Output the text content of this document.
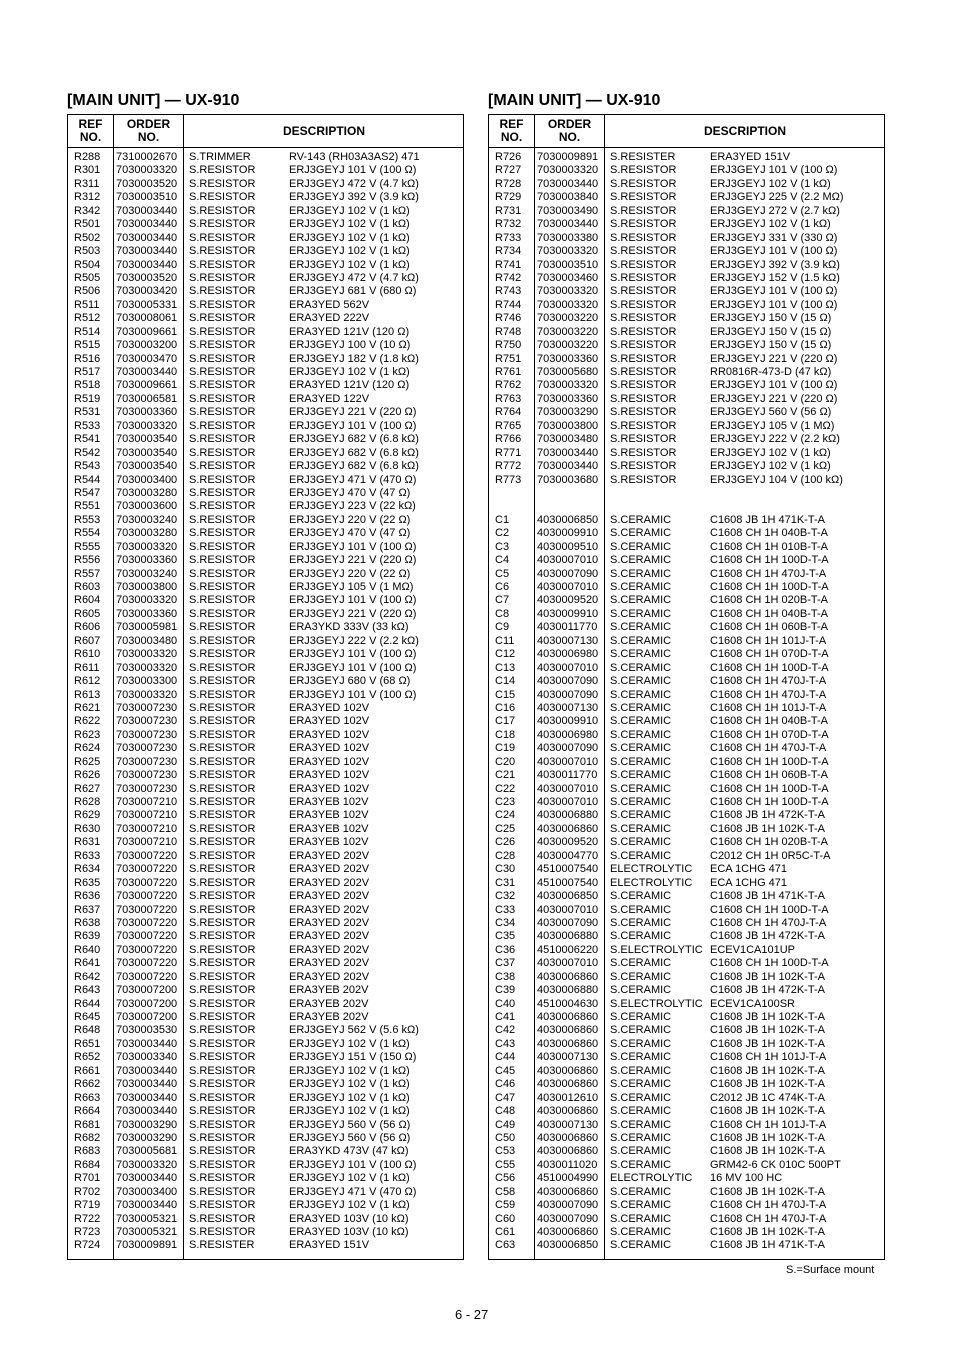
[MAIN UNIT] — UX-910
REF
NO.
ORDER
NO.	DESCRIPTION
R288 7310002670 S.TRIMMER	RV-143 (RH03A3AS2) 471
R301 7030003320 S.RESISTOR	ERJ3GEYJ 101 V (100 Ω)
R311 7030003520 S.RESISTOR	ERJ3GEYJ 472 V (4.7 kΩ)
R312 7030003510 S.RESISTOR	ERJ3GEYJ 392 V (3.9 kΩ)
R342 7030003440 S.RESISTOR	ERJ3GEYJ 102 V (1 kΩ)
R501 7030003440 S.RESISTOR	ERJ3GEYJ 102 V (1 kΩ)
R502 7030003440 S.RESISTOR	ERJ3GEYJ 102 V (1 kΩ)
R503 7030003440 S.RESISTOR	ERJ3GEYJ 102 V (1 kΩ)
R504 7030003440 S.RESISTOR	ERJ3GEYJ 102 V (1 kΩ)
R505 7030003520 S.RESISTOR	ERJ3GEYJ 472 V (4.7 kΩ)
R506 7030003420 S.RESISTOR	ERJ3GEYJ 681 V (680 Ω)
R511 7030005331 S.RESISTOR	ERA3YED 562V
R512 7030008061 S.RESISTOR	ERA3YED 222V
R514 7030009661 S.RESISTOR	ERA3YED 121V (120 Ω)
R515 7030003200 S.RESISTOR	ERJ3GEYJ 100 V (10 Ω)
R516 7030003470 S.RESISTOR	ERJ3GEYJ 182 V (1.8 kΩ)
R517 7030003440 S.RESISTOR	ERJ3GEYJ 102 V (1 kΩ)
R518 7030009661 S.RESISTOR	ERA3YED 121V (120 Ω)
R519 7030006581 S.RESISTOR	ERA3YED 122V
R531 7030003360 S.RESISTOR	ERJ3GEYJ 221 V (220 Ω)
R533 7030003320 S.RESISTOR	ERJ3GEYJ 101 V (100 Ω)
R541 7030003540 S.RESISTOR	ERJ3GEYJ 682 V (6.8 kΩ)
R542 7030003540 S.RESISTOR	ERJ3GEYJ 682 V (6.8 kΩ)
R543 7030003540 S.RESISTOR	ERJ3GEYJ 682 V (6.8 kΩ)
R544 7030003400 S.RESISTOR	ERJ3GEYJ 471 V (470 Ω)
R547 7030003280 S.RESISTOR	ERJ3GEYJ 470 V (47 Ω)
R551 7030003600 S.RESISTOR	ERJ3GEYJ 223 V (22 kΩ)
R553 7030003240 S.RESISTOR	ERJ3GEYJ 220 V (22 Ω)
R554 7030003280 S.RESISTOR	ERJ3GEYJ 470 V (47 Ω)
R555 7030003320 S.RESISTOR	ERJ3GEYJ 101 V (100 Ω)
R556 7030003360 S.RESISTOR	ERJ3GEYJ 221 V (220 Ω)
R557 7030003240 S.RESISTOR	ERJ3GEYJ 220 V (22 Ω)
R603 7030003800 S.RESISTOR	ERJ3GEYJ 105 V (1 MΩ)
R604 7030003320 S.RESISTOR	ERJ3GEYJ 101 V (100 Ω)
R605 7030003360 S.RESISTOR	ERJ3GEYJ 221 V (220 Ω)
R606 7030005981 S.RESISTOR	ERA3YKD 333V (33 kΩ)
R607 7030003480 S.RESISTOR	ERJ3GEYJ 222 V (2.2 kΩ)
R610 7030003320 S.RESISTOR	ERJ3GEYJ 101 V (100 Ω)
R611 7030003320 S.RESISTOR	ERJ3GEYJ 101 V (100 Ω)
R612 7030003300 S.RESISTOR	ERJ3GEYJ 680 V (68 Ω)
R613 7030003320 S.RESISTOR	ERJ3GEYJ 101 V (100 Ω)
R621 7030007230 S.RESISTOR	ERA3YED 102V
R622 7030007230 S.RESISTOR	ERA3YED 102V
R623 7030007230 S.RESISTOR	ERA3YED 102V
R624 7030007230 S.RESISTOR	ERA3YED 102V
R625 7030007230 S.RESISTOR	ERA3YED 102V
R626 7030007230 S.RESISTOR	ERA3YED 102V
R627 7030007230 S.RESISTOR	ERA3YED 102V
R628 7030007210 S.RESISTOR	ERA3YEB 102V
R629 7030007210 S.RESISTOR	ERA3YEB 102V
R630 7030007210 S.RESISTOR	ERA3YEB 102V
R631 7030007210 S.RESISTOR	ERA3YEB 102V
R633 7030007220 S.RESISTOR	ERA3YED 202V
R634 7030007220 S.RESISTOR	ERA3YED 202V
R635 7030007220 S.RESISTOR	ERA3YED 202V
R636 7030007220 S.RESISTOR	ERA3YED 202V
R637 7030007220 S.RESISTOR	ERA3YED 202V
R638 7030007220 S.RESISTOR	ERA3YED 202V
R639 7030007220 S.RESISTOR	ERA3YED 202V
R640 7030007220 S.RESISTOR	ERA3YED 202V
R641 7030007220 S.RESISTOR	ERA3YED 202V
R642 7030007220 S.RESISTOR	ERA3YED 202V
R643 7030007200 S.RESISTOR	ERA3YEB 202V
R644 7030007200 S.RESISTOR	ERA3YEB 202V
R645 7030007200 S.RESISTOR	ERA3YEB 202V
R648 7030003530 S.RESISTOR	ERJ3GEYJ 562 V (5.6 kΩ)
R651 7030003440 S.RESISTOR	ERJ3GEYJ 102 V (1 kΩ)
R652 7030003340 S.RESISTOR	ERJ3GEYJ 151 V (150 Ω)
R661 7030003440 S.RESISTOR	ERJ3GEYJ 102 V (1 kΩ)
R662 7030003440 S.RESISTOR	ERJ3GEYJ 102 V (1 kΩ)
R663 7030003440 S.RESISTOR	ERJ3GEYJ 102 V (1 kΩ)
R664 7030003440 S.RESISTOR	ERJ3GEYJ 102 V (1 kΩ)
R681 7030003290 S.RESISTOR	ERJ3GEYJ 560 V (56 Ω)
R682 7030003290 S.RESISTOR	ERJ3GEYJ 560 V (56 Ω)
R683 7030005681 S.RESISTOR	ERA3YKD 473V (47 kΩ)
R684 7030003320 S.RESISTOR	ERJ3GEYJ 101 V (100 Ω)
R701 7030003440 S.RESISTOR	ERJ3GEYJ 102 V (1 kΩ)
R702 7030003400 S.RESISTOR	ERJ3GEYJ 471 V (470 Ω)
R719 7030003440 S.RESISTOR	ERJ3GEYJ 102 V (1 kΩ)
R722 7030005321 S.RESISTOR	ERA3YED 103V (10 kΩ)
R723 7030005321 S.RESISTOR	ERA3YED 103V (10 kΩ)
R724 7030009891 S.RESISTER	ERA3YED 151V
[MAIN UNIT] — UX-910
REF
NO.
ORDER
NO.	DESCRIPTION
R726 7030009891 S.RESISTER	ERA3YED 151V
R727 7030003320 S.RESISTOR	ERJ3GEYJ 101 V (100 Ω)
R728 7030003440 S.RESISTOR	ERJ3GEYJ 102 V (1 kΩ)
R729 7030003840 S.RESISTOR	ERJ3GEYJ 225 V (2.2 MΩ)
R731 7030003490 S.RESISTOR	ERJ3GEYJ 272 V (2.7 kΩ)
R732 7030003440 S.RESISTOR	ERJ3GEYJ 102 V (1 kΩ)
R733 7030003380 S.RESISTOR	ERJ3GEYJ 331 V (330 Ω)
R734 7030003320 S.RESISTOR	ERJ3GEYJ 101 V (100 Ω)
R741 7030003510 S.RESISTOR	ERJ3GEYJ 392 V (3.9 kΩ)
R742 7030003460 S.RESISTOR	ERJ3GEYJ 152 V (1.5 kΩ)
R743 7030003320 S.RESISTOR	ERJ3GEYJ 101 V (100 Ω)
R744 7030003320 S.RESISTOR	ERJ3GEYJ 101 V (100 Ω)
R746 7030003220 S.RESISTOR	ERJ3GEYJ 150 V (15 Ω)
R748 7030003220 S.RESISTOR	ERJ3GEYJ 150 V (15 Ω)
R750 7030003220 S.RESISTOR	ERJ3GEYJ 150 V (15 Ω)
R751 7030003360 S.RESISTOR	ERJ3GEYJ 221 V (220 Ω)
R761 7030005680 S.RESISTOR	RR0816R-473-D (47 kΩ)
R762 7030003320 S.RESISTOR	ERJ3GEYJ 101 V (100 Ω)
R763 7030003360 S.RESISTOR	ERJ3GEYJ 221 V (220 Ω)
R764 7030003290 S.RESISTOR	ERJ3GEYJ 560 V (56 Ω)
R765 7030003800 S.RESISTOR	ERJ3GEYJ 105 V (1 MΩ)
R766 7030003480 S.RESISTOR	ERJ3GEYJ 222 V (2.2 kΩ)
R771 7030003440 S.RESISTOR	ERJ3GEYJ 102 V (1 kΩ)
R772 7030003440 S.RESISTOR	ERJ3GEYJ 102 V (1 kΩ)
R773 7030003680 S.RESISTOR	ERJ3GEYJ 104 V (100 kΩ)
C1	4030006850 S.CERAMIC	C1608 JB 1H 471K-T-A
C2	4030009910 S.CERAMIC	C1608 CH 1H 040B-T-A
C3	4030009510 S.CERAMIC	C1608 CH 1H 010B-T-A
C4	4030007010 S.CERAMIC	C1608 CH 1H 100D-T-A
C5	4030007090 S.CERAMIC	C1608 CH 1H 470J-T-A
C6	4030007010 S.CERAMIC	C1608 CH 1H 100D-T-A
C7	4030009520 S.CERAMIC	C1608 CH 1H 020B-T-A
C8	4030009910 S.CERAMIC	C1608 CH 1H 040B-T-A
C9	4030011770 S.CERAMIC	C1608 CH 1H 060B-T-A
C11 4030007130 S.CERAMIC	C1608 CH 1H 101J-T-A
C12 4030006980 S.CERAMIC	C1608 CH 1H 070D-T-A
C13 4030007010 S.CERAMIC	C1608 CH 1H 100D-T-A
C14 4030007090 S.CERAMIC	C1608 CH 1H 470J-T-A
C15 4030007090 S.CERAMIC	C1608 CH 1H 470J-T-A
C16 4030007130 S.CERAMIC	C1608 CH 1H 101J-T-A
C17 4030009910 S.CERAMIC	C1608 CH 1H 040B-T-A
C18 4030006980 S.CERAMIC	C1608 CH 1H 070D-T-A
C19 4030007090 S.CERAMIC	C1608 CH 1H 470J-T-A
C20 4030007010 S.CERAMIC	C1608 CH 1H 100D-T-A
C21 4030011770 S.CERAMIC	C1608 CH 1H 060B-T-A
C22 4030007010 S.CERAMIC	C1608 CH 1H 100D-T-A
C23 4030007010 S.CERAMIC	C1608 CH 1H 100D-T-A
C24 4030006880 S.CERAMIC	C1608 JB 1H 472K-T-A
C25 4030006860 S.CERAMIC	C1608 JB 1H 102K-T-A
C26 4030009520 S.CERAMIC	C1608 CH 1H 020B-T-A
C28 4030004770 S.CERAMIC	C2012 CH 1H 0R5C-T-A
C30 4510007540 ELECTROLYTIC ECA 1CHG 471
C31 4510007540 ELECTROLYTIC ECA 1CHG 471
C32 4030006850 S.CERAMIC	C1608 JB 1H 471K-T-A
C33 4030007010 S.CERAMIC	C1608 CH 1H 100D-T-A
C34 4030007090 S.CERAMIC	C1608 CH 1H 470J-T-A
C35 4030006880 S.CERAMIC	C1608 JB 1H 472K-T-A
C36 4510006220 S.ELECTROLYTIC ECEV1CA101UP
C37 4030007010 S.CERAMIC	C1608 CH 1H 100D-T-A
C38 4030006860 S.CERAMIC	C1608 JB 1H 102K-T-A
C39 4030006880 S.CERAMIC	C1608 JB 1H 472K-T-A
C40 4510004630 S.ELECTROLYTIC ECEV1CA100SR
C41 4030006860 S.CERAMIC	C1608 JB 1H 102K-T-A
C42 4030006860 S.CERAMIC	C1608 JB 1H 102K-T-A
C43 4030006860 S.CERAMIC	C1608 JB 1H 102K-T-A
C44 4030007130 S.CERAMIC	C1608 CH 1H 101J-T-A
C45 4030006860 S.CERAMIC	C1608 JB 1H 102K-T-A
C46 4030006860 S.CERAMIC	C1608 JB 1H 102K-T-A
C47 4030012610 S.CERAMIC	C2012 JB 1C 474K-T-A
C48 4030006860 S.CERAMIC	C1608 JB 1H 102K-T-A
C49 4030007130 S.CERAMIC	C1608 CH 1H 101J-T-A
C50 4030006860 S.CERAMIC	C1608 JB 1H 102K-T-A
C53 4030006860 S.CERAMIC	C1608 JB 1H 102K-T-A
C55 4030011020 S.CERAMIC	GRM42-6 CK 010C 500PT
C56 4510004990 ELECTROLYTIC 16 MV 100 HC
C58 4030006860 S.CERAMIC	C1608 JB 1H 102K-T-A
C59 4030007090 S.CERAMIC	C1608 CH 1H 470J-T-A
C60 4030007090 S.CERAMIC	C1608 CH 1H 470J-T-A
C61 4030006860 S.CERAMIC	C1608 JB 1H 102K-T-A
C63 4030006850 S.CERAMIC	C1608 JB 1H 471K-T-A
S.=Surface mount
6 - 27
